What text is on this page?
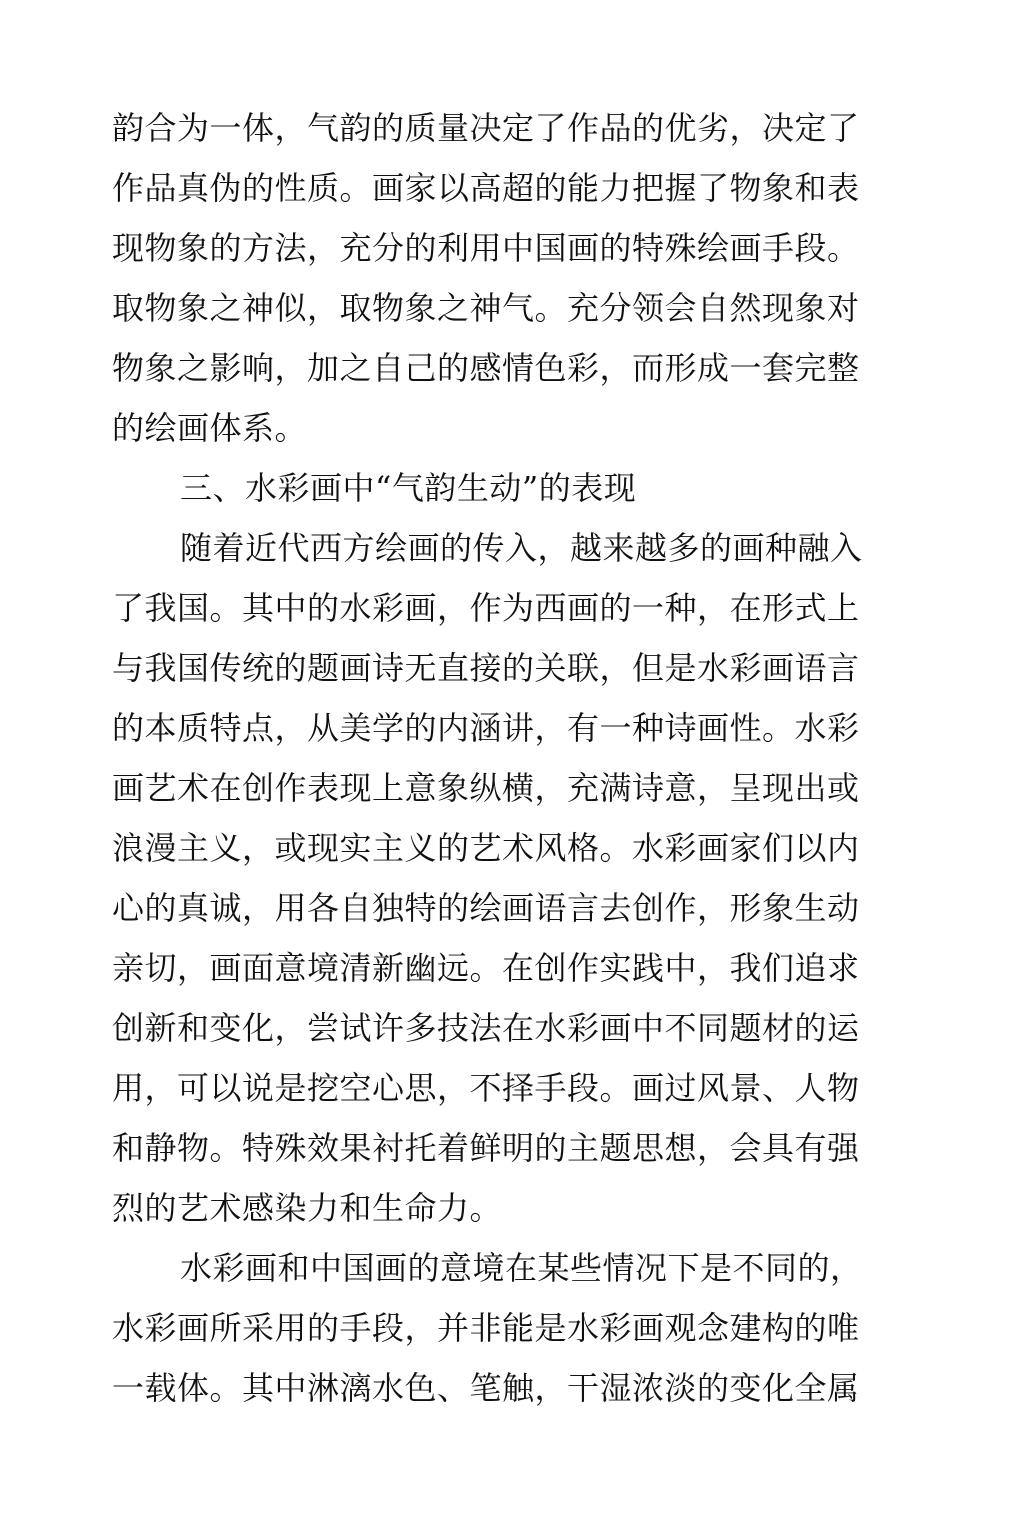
韵合为一体，气韵的质量决定了作品的优劣，决定了
作品真伪的性质。画家以高超的能力把握了物象和表
现物象的方法，充分的利用中国画的特殊绘画手段。
取物象之神似，取物象之神气。充分领会自然现象对
物象之影响，加之自己的感情色彩，而形成一套完整
的绘画体系。
三、水彩画中“气韵生动”的表现
随着近代西方绘画的传入，越来越多的画种融入
了我国。其中的水彩画，作为西画的一种，在形式上
与我国传统的题画诗无直接的关联，但是水彩画语言
的本质特点，从美学的内涵讲，有一种诗画性。水彩
画艺术在创作表现上意象纵横，充满诗意，呈现出或
浪漫主义，或现实主义的艺术风格。水彩画家们以内
心的真诚，用各自独特的绘画语言去创作，形象生动
亲切，画面意境清新幽远。在创作实践中，我们追求
创新和变化，尝试许多技法在水彩画中不同题材的运
用，可以说是挖空心思，不择手段。画过风景、人物
和静物。特殊效果衬托着鲜明的主题思想，会具有强
烈的艺术感染力和生命力。
水彩画和中国画的意境在某些情况下是不同的，
水彩画所采用的手段，并非能是水彩画观念建构的唯
一载体。其中淋漓水色、笔触，干湿浓淡的变化全属
